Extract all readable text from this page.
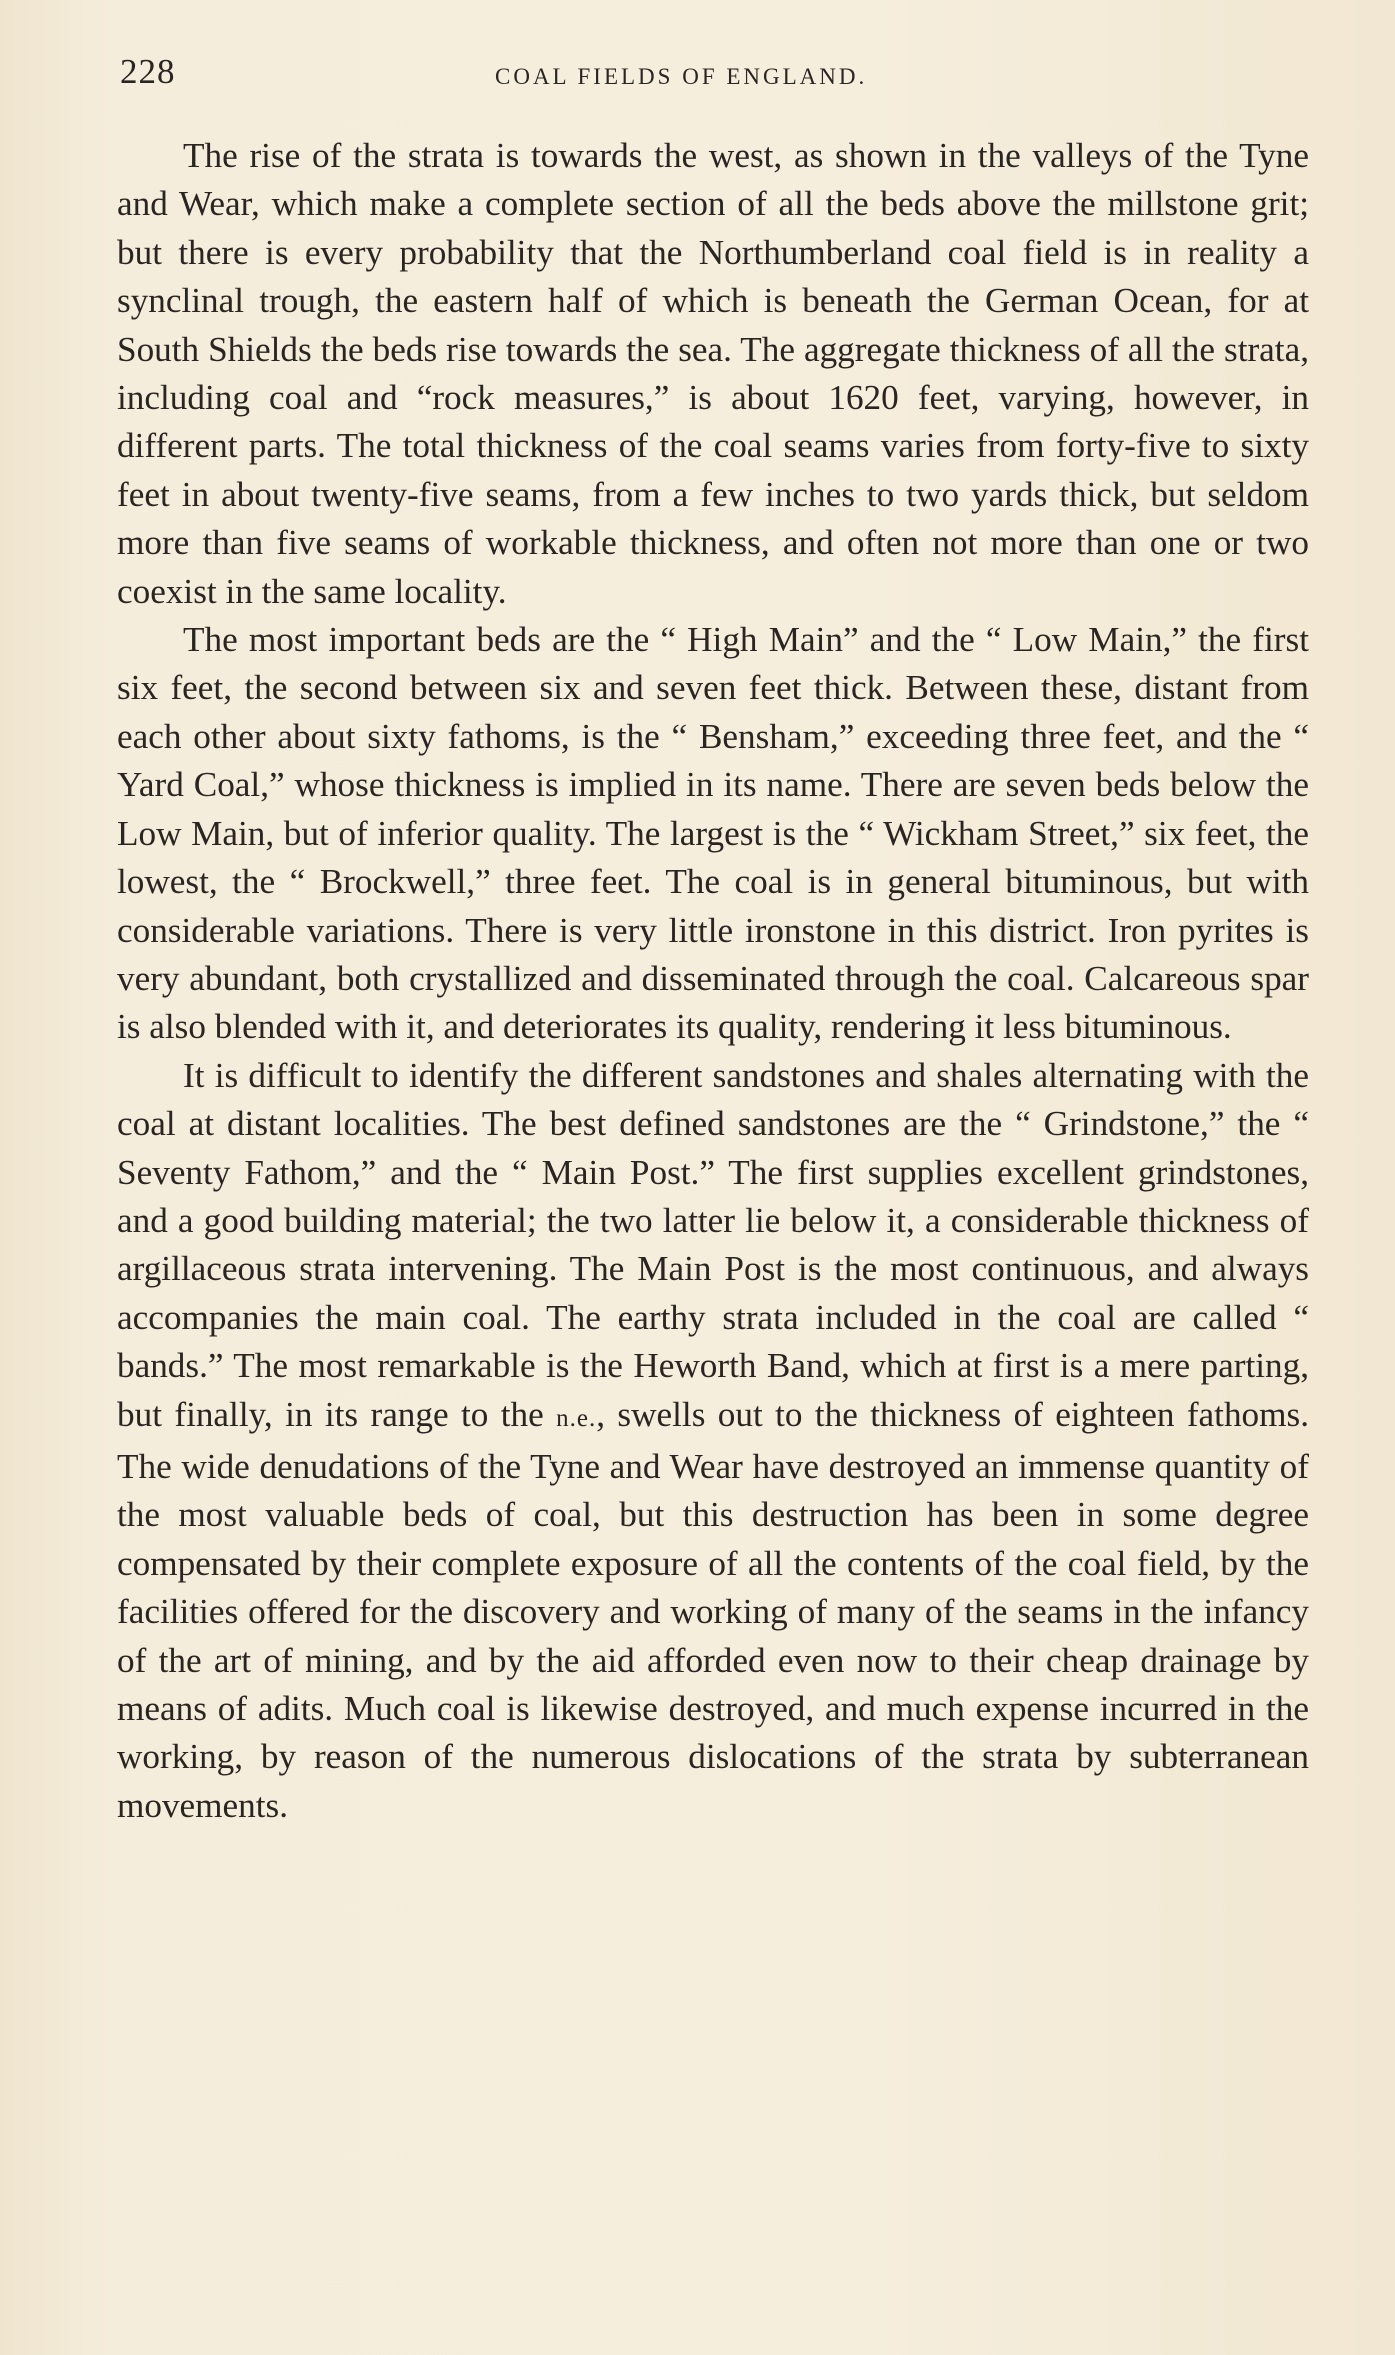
228	COAL FIELDS OF ENGLAND.

The rise of the strata is towards the west, as shown in the valleys of the Tyne and Wear, which make a complete section of all the beds above the millstone grit; but there is every probability that the Northumberland coal field is in reality a synclinal trough, the eastern half of which is beneath the German Ocean, for at South Shields the beds rise towards the sea. The aggregate thickness of all the strata, including coal and “rock measures,” is about 1620 feet, varying, however, in different parts. The total thickness of the coal seams varies from forty-five to sixty feet in about twenty-five seams, from a few inches to two yards thick, but seldom more than five seams of workable thickness, and often not more than one or two coexist in the same locality.

The most important beds are the “ High Main” and the “ Low Main,” the first six feet, the second between six and seven feet thick. Between these, distant from each other about sixty fathoms, is the “ Bensham,” exceeding three feet, and the “ Yard Coal,” whose thickness is implied in its name. There are seven beds below the Low Main, but of inferior quality. The largest is the “ Wickham Street,” six feet, the lowest, the “ Brockwell,” three feet. The coal is in general bituminous, but with considerable variations. There is very little ironstone in this district. Iron pyrites is very abundant, both crystallized and disseminated through the coal. Calcareous spar is also blended with it, and deteriorates its quality, rendering it less bituminous.

It is difficult to identify the different sandstones and shales alternating with the coal at distant localities. The best defined sandstones are the “ Grindstone,” the “ Seventy Fathom,” and the “ Main Post.” The first supplies excellent grindstones, and a good building material; the two latter lie below it, a considerable thickness of argillaceous strata intervening. The Main Post is the most continuous, and always accompanies the main coal. The earthy strata included in the coal are called “ bands.” The most remarkable is the Heworth Band, which at first is a mere parting, but finally, in its range to the n.e., swells out to the thickness of eighteen fathoms. The wide denudations of the Tyne and Wear have destroyed an immense quantity of the most valuable beds of coal, but this destruction has been in some degree compensated by their complete exposure of all the contents of the coal field, by the facilities offered for the discovery and working of many of the seams in the infancy of the art of mining, and by the aid afforded even now to their cheap drainage by means of adits. Much coal is likewise destroyed, and much expense incurred in the working, by reason of the numerous dislocations of the strata by subterranean movements.
